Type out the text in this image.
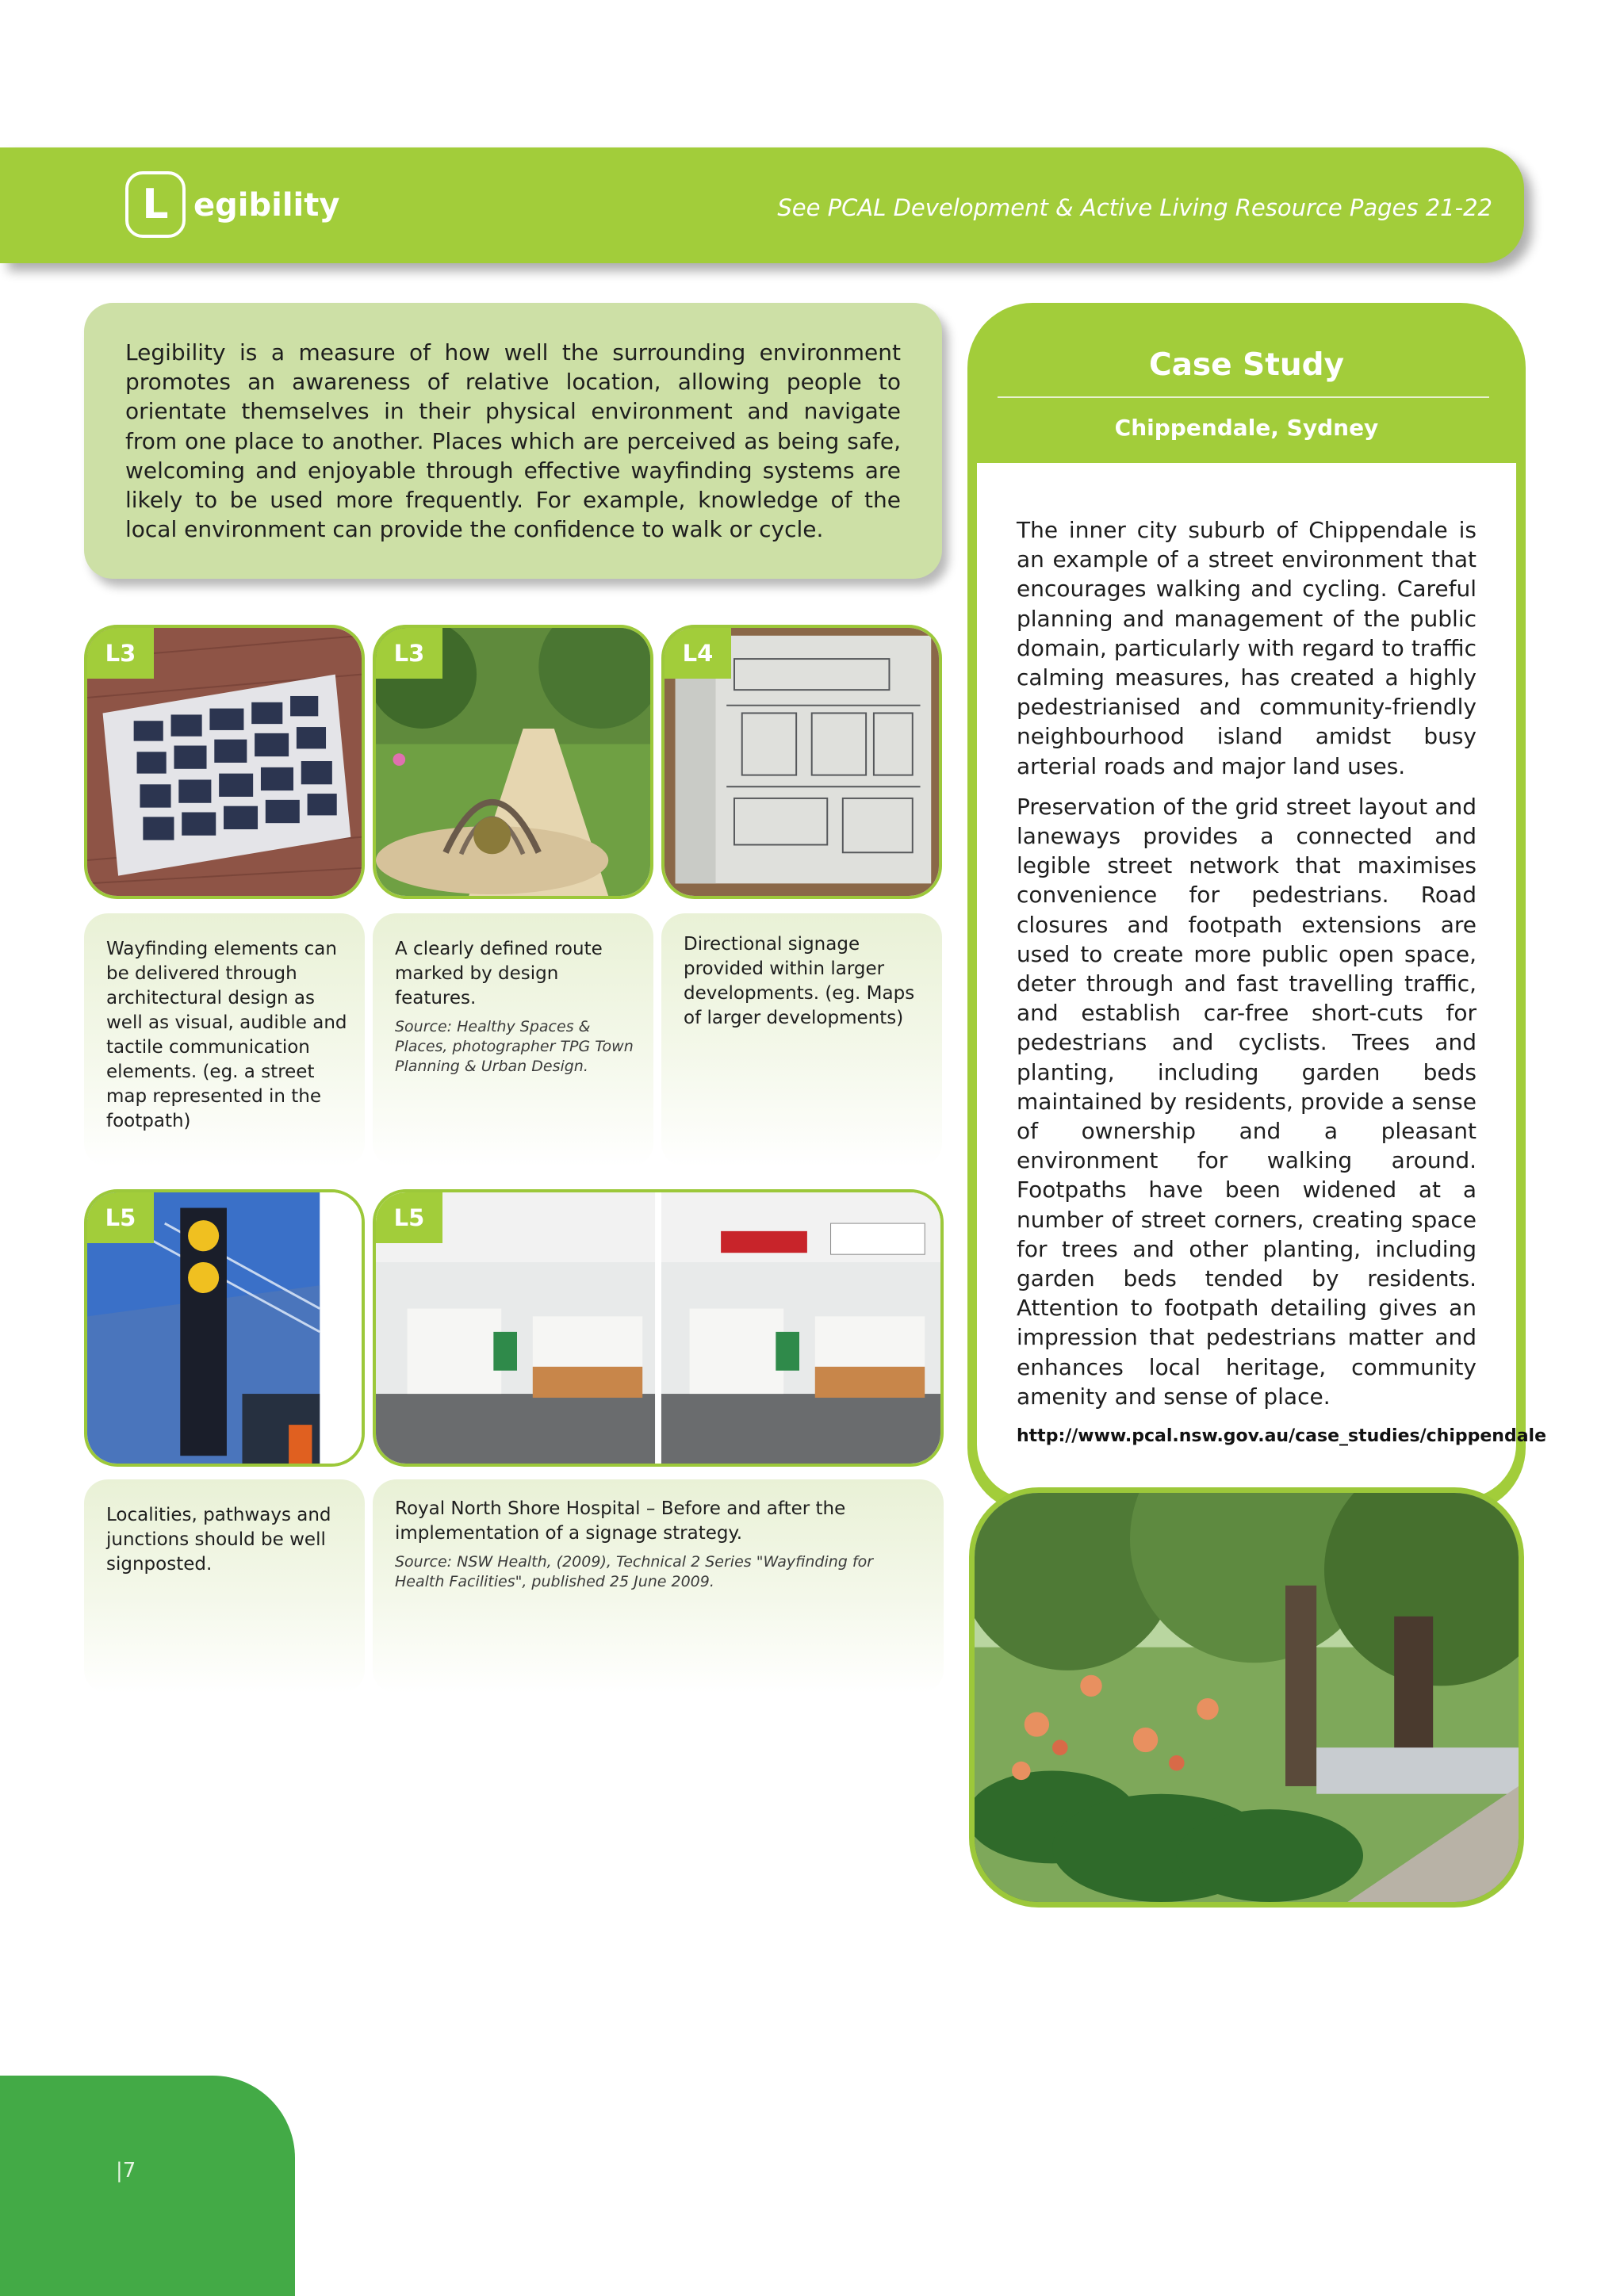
L egibility	See PCAL Development & Active Living Resource Pages 21-22

Legibility is a measure of how well the surrounding environment promotes an awareness of relative location, allowing people to orientate themselves in their physical environment and navigate from one place to another. Places which are perceived as being safe, welcoming and enjoyable through effective wayfinding systems are likely to be used more frequently. For example, knowledge of the local environment can provide the confidence to walk or cycle.

L3	L3	L4
L5	L5

Wayfinding elements can be delivered through architectural design as well as visual, audible and tactile communication elements. (eg. a street map represented in the footpath)

A clearly defined route marked by design features.

Source: Healthy Spaces & Places, photographer TPG Town Planning & Urban Design.

Directional signage provided within larger developments. (eg. Maps of larger developments)

Localities, pathways and junctions should be well signposted.

Royal North Shore Hospital – Before and after the implementation of a signage strategy.

Source: NSW Health, (2009), Technical 2 Series "Wayfinding for Health Facilities", published 25 June 2009.

Case Study
Chippendale, Sydney

The inner city suburb of Chippendale is an example of a street environment that encourages walking and cycling. Careful planning and management of the public domain, particularly with regard to traffic calming measures, has created a highly pedestrianised and community-friendly neighbourhood island amidst busy arterial roads and major land uses.

Preservation of the grid street layout and laneways provides a connected and legible street network that maximises convenience for pedestrians. Road closures and footpath extensions are used to create more public open space, deter through and fast travelling traffic, and establish car-free short-cuts for pedestrians and cyclists. Trees and planting, including garden beds maintained by residents, provide a sense of ownership and a pleasant environment for walking around. Footpaths have been widened at a number of street corners, creating space for trees and other planting, including garden beds tended by residents. Attention to footpath detailing gives an impression that pedestrians matter and enhances local heritage, community amenity and sense of place.

http://www.pcal.nsw.gov.au/case_studies/chippendale

|7
